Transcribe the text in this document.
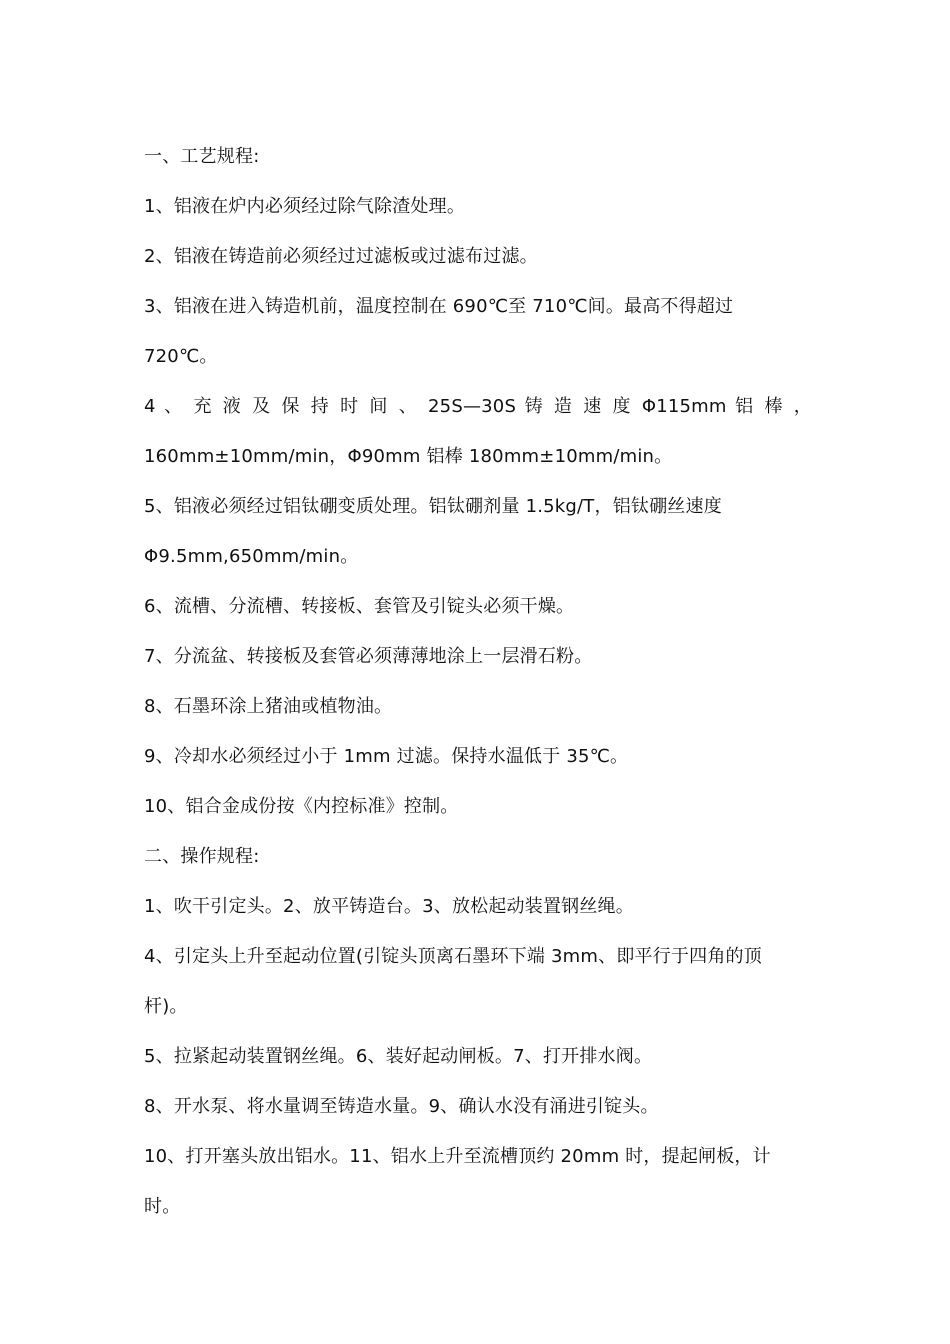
一、工艺规程:
1、铝液在炉内必须经过除气除渣处理。
2、铝液在铸造前必须经过过滤板或过滤布过滤。
3、铝液在进入铸造机前，温度控制在 690℃至 710℃间。最高不得超过
720℃。
4 、 充 液 及 保 持 时 间 、 25S—30S 铸 造 速 度 Φ115mm 铝 棒 ，
160mm±10mm/min，Φ90mm 铝棒 180mm±10mm/min。
5、铝液必须经过铝钛硼变质处理。铝钛硼剂量 1.5kg/T，铝钛硼丝速度
Φ9.5mm,650mm/min。
6、流槽、分流槽、转接板、套管及引锭头必须干燥。
7、分流盆、转接板及套管必须薄薄地涂上一层滑石粉。
8、石墨环涂上猪油或植物油。
9、冷却水必须经过小于 1mm 过滤。保持水温低于 35℃。
10、铝合金成份按《内控标准》控制。
二、操作规程:
1、吹干引定头。2、放平铸造台。3、放松起动装置钢丝绳。
4、引定头上升至起动位置(引锭头顶离石墨环下端 3mm、即平行于四角的顶
杆)。
5、拉紧起动装置钢丝绳。6、装好起动闸板。7、打开排水阀。
8、开水泵、将水量调至铸造水量。9、确认水没有涌进引锭头。
10、打开塞头放出铝水。11、铝水上升至流槽顶约 20mm 时，提起闸板，计
时。
